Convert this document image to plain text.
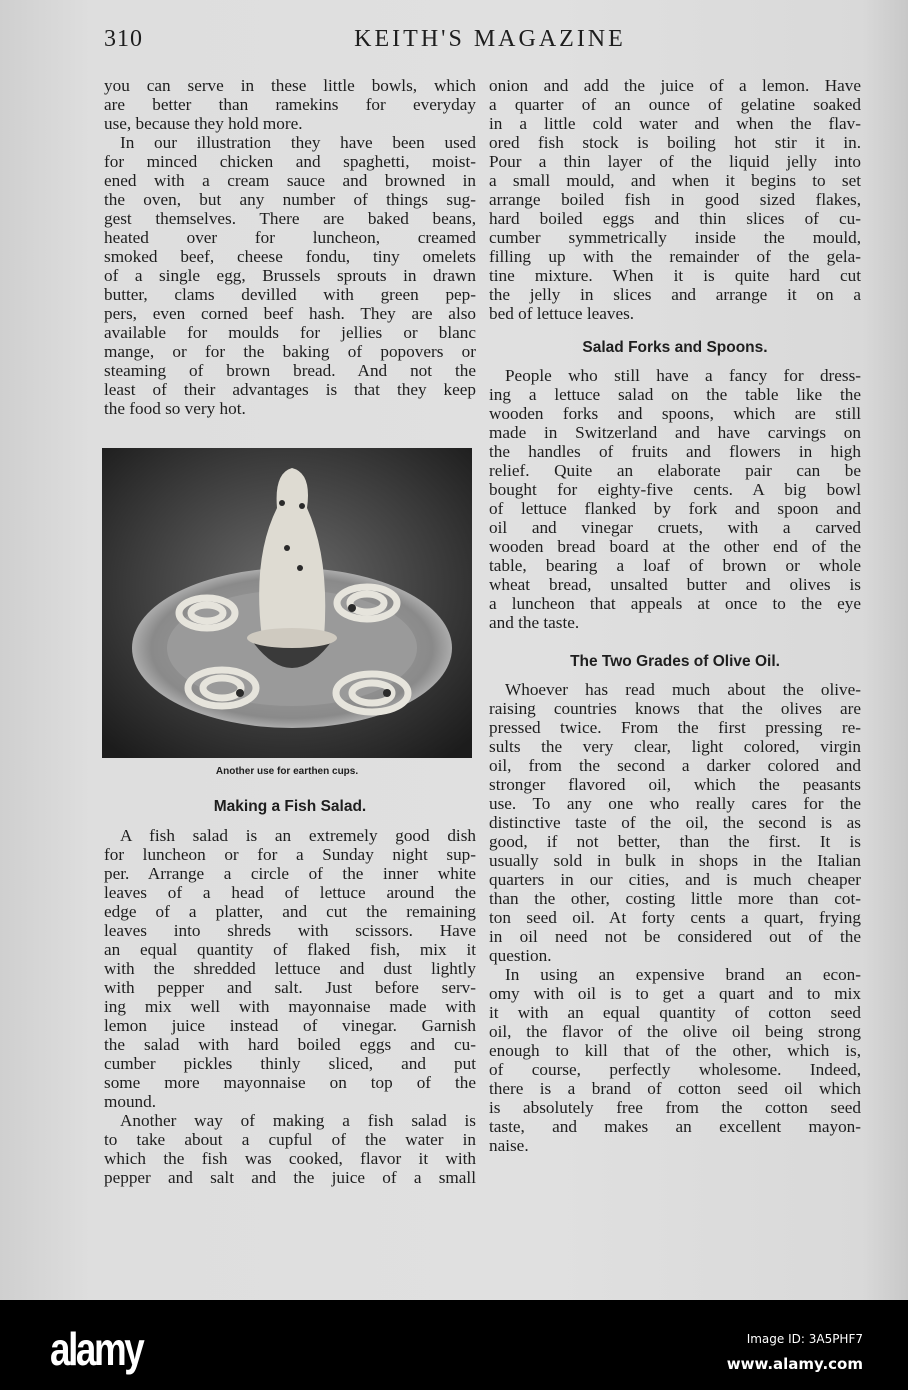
310	KEITH'S MAGAZINE
you can serve in these little bowls, which
are better than ramekins for everyday
use, because they hold more.
In our illustration they have been used
for minced chicken and spaghetti, moist-
ened with a cream sauce and browned in
the oven, but any number of things sug-
gest themselves. There are baked beans,
heated over for luncheon, creamed
smoked beef, cheese fondu, tiny omelets
of a single egg, Brussels sprouts in drawn
butter, clams devilled with green pep-
pers, even corned beef hash. They are also
available for moulds for jellies or blanc
mange, or for the baking of popovers or
steaming of brown bread. And not the
least of their advantages is that they keep
the food so very hot.
Another use for earthen cups.
Making a Fish Salad.
A fish salad is an extremely good dish
for luncheon or for a Sunday night sup-
per. Arrange a circle of the inner white
leaves of a head of lettuce around the
edge of a platter, and cut the remaining
leaves into shreds with scissors. Have
an equal quantity of flaked fish, mix it
with the shredded lettuce and dust lightly
with pepper and salt. Just before serv-
ing mix well with mayonnaise made with
lemon juice instead of vinegar. Garnish
the salad with hard boiled eggs and cu-
cumber pickles thinly sliced, and put
some more mayonnaise on top of the
mound.
Another way of making a fish salad is
to take about a cupful of the water in
which the fish was cooked, flavor it with
pepper and salt and the juice of a small
onion and add the juice of a lemon. Have
a quarter of an ounce of gelatine soaked
in a little cold water and when the flav-
ored fish stock is boiling hot stir it in.
Pour a thin layer of the liquid jelly into
a small mould, and when it begins to set
arrange boiled fish in good sized flakes,
hard boiled eggs and thin slices of cu-
cumber symmetrically inside the mould,
filling up with the remainder of the gela-
tine mixture. When it is quite hard cut
the jelly in slices and arrange it on a
bed of lettuce leaves.
Salad Forks and Spoons.
People who still have a fancy for dress-
ing a lettuce salad on the table like the
wooden forks and spoons, which are still
made in Switzerland and have carvings on
the handles of fruits and flowers in high
relief. Quite an elaborate pair can be
bought for eighty-five cents. A big bowl
of lettuce flanked by fork and spoon and
oil and vinegar cruets, with a carved
wooden bread board at the other end of the
table, bearing a loaf of brown or whole
wheat bread, unsalted butter and olives is
a luncheon that appeals at once to the eye
and the taste.
The Two Grades of Olive Oil.
Whoever has read much about the olive-
raising countries knows that the olives are
pressed twice. From the first pressing re-
sults the very clear, light colored, virgin
oil, from the second a darker colored and
stronger flavored oil, which the peasants
use. To any one who really cares for the
distinctive taste of the oil, the second is as
good, if not better, than the first. It is
usually sold in bulk in shops in the Italian
quarters in our cities, and is much cheaper
than the other, costing little more than cot-
ton seed oil. At forty cents a quart, frying
in oil need not be considered out of the
question.
In using an expensive brand an econ-
omy with oil is to get a quart and to mix
it with an equal quantity of cotton seed
oil, the flavor of the olive oil being strong
enough to kill that of the other, which is,
of course, perfectly wholesome. Indeed,
there is a brand of cotton seed oil which
is absolutely free from the cotton seed
taste, and makes an excellent mayon-
naise.
alamy	Image ID: 3A5PHF7
www.alamy.com
